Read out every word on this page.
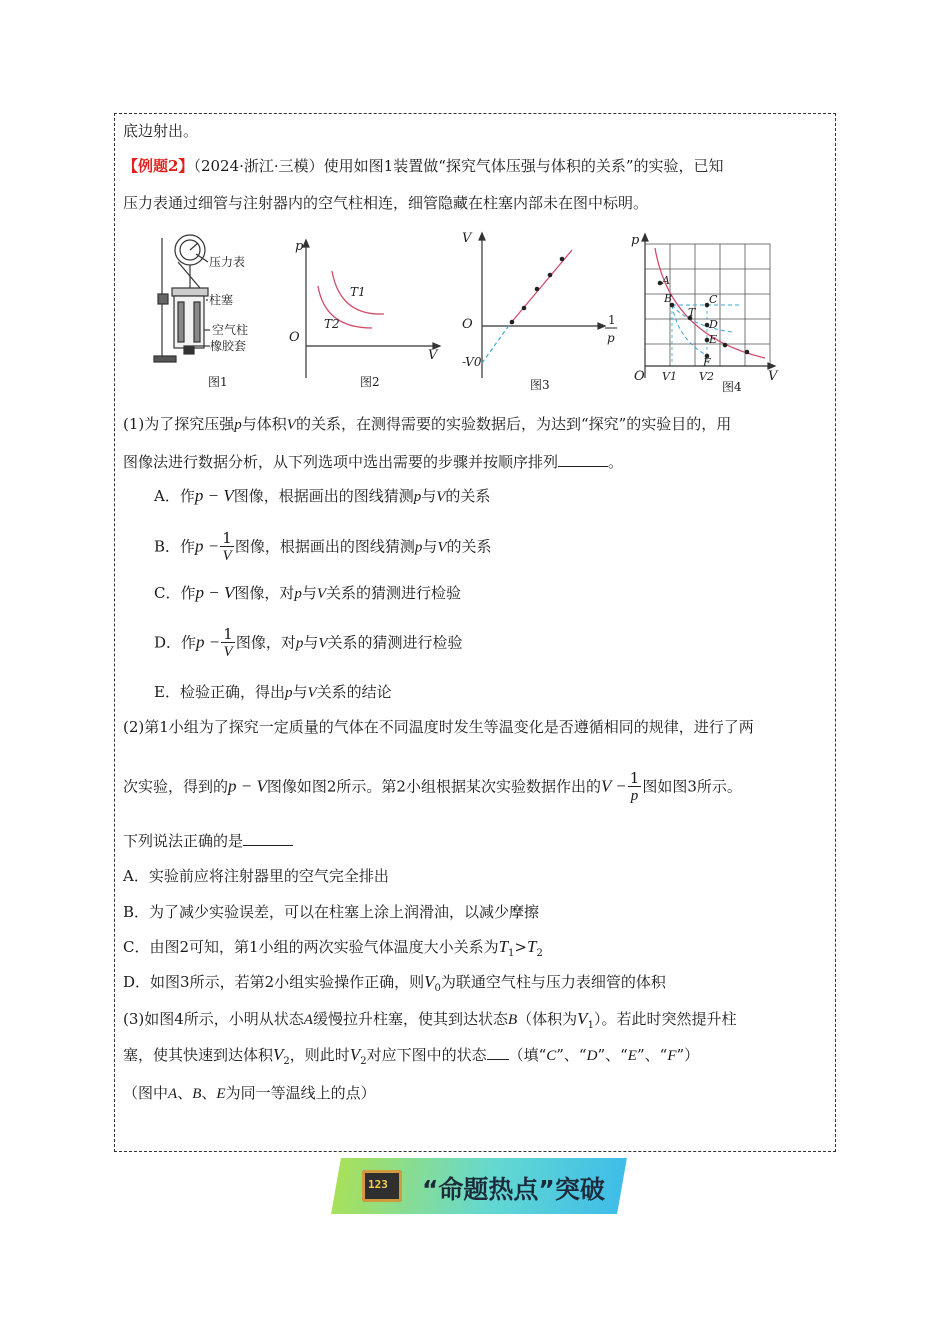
底边射出。
【例题2】（2024·浙江·三模）使用如图1装置做“探究气体压强与体积的关系”的实验，已知
压力表通过细管与注射器内的空气柱相连，细管隐藏在柱塞内部未在图中标明。
压力表
柱塞
空气柱
橡胶套
p
V
O
T1
T2
V
O
-V0
1
p
p
V
O
A
B	C
T
D
E
F
V1 V2
图1	图2	图3	图4
(1)为了探究压强p与体积V的关系，在测得需要的实验数据后，为达到“探究”的实验目的，用
图像法进行数据分析，从下列选项中选出需要的步骤并按顺序排列	。
A．作p − V图像，根据画出的图线猜测p与V的关系
B．作$p - \frac{1}{V}$ 图像，根据画出的图线猜测p与V的关系
C．作p − V图像，对p与V关系的猜测进行检验
D．作$p - \frac{1}{V}$ 图像，对p与V关系的猜测进行检验
E．检验正确，得出p与V关系的结论
(2)第1小组为了探究一定质量的气体在不同温度时发生等温变化是否遵循相同的规律，进行了两
次实验，得到的p − V图像如图2所示。第2小组根据某次实验数据作出的$V - \frac{1}{p}$ 图如图3所示。
下列说法正确的是
A．实验前应将注射器里的空气完全排出
B．为了减少实验误差，可以在柱塞上涂上润滑油，以减少摩擦
C．由图2可知，第1小组的两次实验气体温度大小关系为$T_1>T_2$
D．如图3所示，若第2小组实验操作正确，则$V_0$为联通空气柱与压力表细管的体积
(3)如图4所示，小明从状态A缓慢拉升柱塞，使其到达状态B（体积为$V_1$）。若此时突然提升柱
塞，使其快速到达体积$V_2$，则此时$V_2$对应下图中的状态 （填“C”、“D”、“E”、“F”）
（图中A、B、E为同一等温线上的点）
123 “命题热点”突破
